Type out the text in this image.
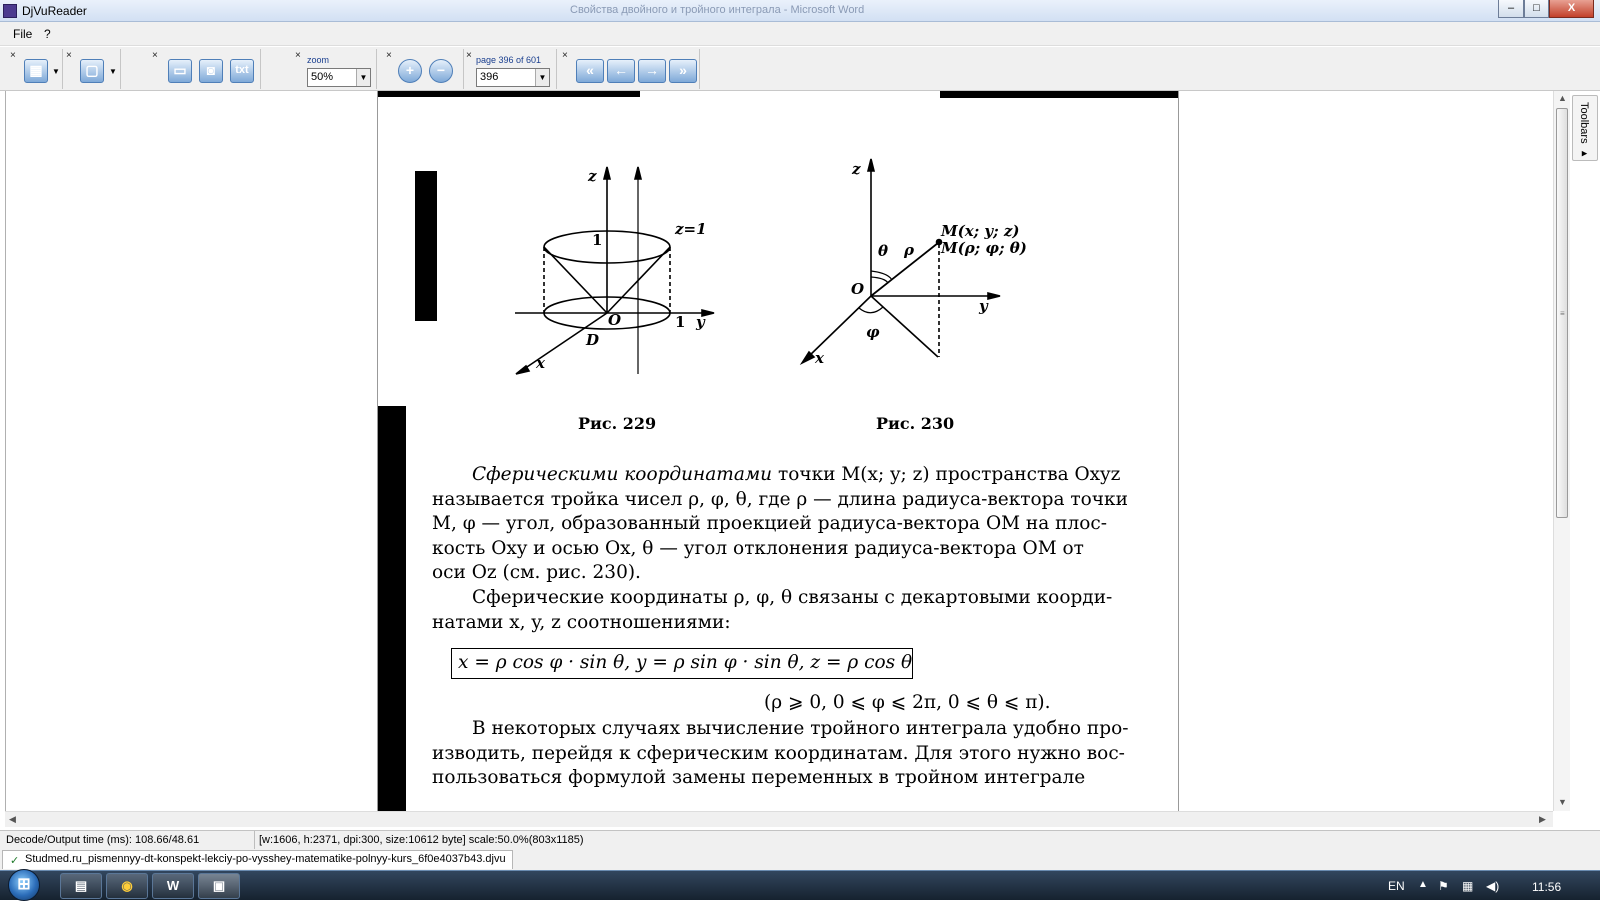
DjVuReader	Свойства двойного и тройного интеграла - Microsoft Word	–	□	X
File ?
×
▦	▼
×
▢	▼
×
▭	◙	txt
× zoom
50%	▼
×
+	−
× page 396 of 601
396	▼
×
«	←	→	»
z
1
z=1
O	1 y
D
x
Рис. 229
z
M(x; y; z)
M(ρ; φ; θ)
θ ρ
O
y
φ
x
Рис. 230
Сферическими координатами точки M(x; y; z) пространства Oxyz
называется тройка чисел ρ, φ, θ, где ρ — длина радиуса-вектора точки
M, φ — угол, образованный проекцией радиуса-вектора OM на плос-
кость Oxy и осью Ox, θ — угол отклонения радиуса-вектора OM от
оси Oz (см. рис. 230).
Сферические координаты ρ, φ, θ связаны с декартовыми коорди-
натами x, y, z соотношениями:
x = ρ cos φ · sin θ, y = ρ sin φ · sin θ, z = ρ cos θ
(ρ ⩾ 0, 0 ⩽ φ ⩽ 2π, 0 ⩽ θ ⩽ π).
В некоторых случаях вычисление тройного интеграла удобно про-
изводить, перейдя к сферическим координатам. Для этого нужно вос-
пользоваться формулой замены переменных в тройном интеграле
▲
≡
▼
Toolbars ▸
◀	▶
Decode/Output time (ms): 108.66/48.61	[w:1606, h:2371, dpi:300, size:10612 byte] scale:50.0%(803x1185)
✓ Studmed.ru_pismennyy-dt-konspekt-lekciy-po-vysshey-matematike-polnyy-kurs_6f0e4037b43.djvu
⊞	▤	◉	W	▣	EN ▲ ⚑ ▦ ◀)	11:56
